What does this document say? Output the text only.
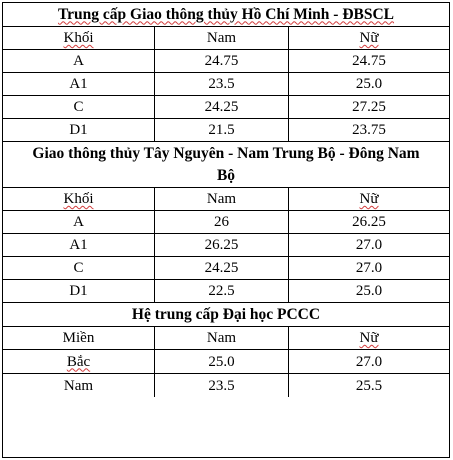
Trung cấp Giao thông thủy Hồ Chí Minh - ĐBSCL
Khối	Nam	Nữ
A	24.75	24.75
A1	23.5	25.0
C	24.25	27.25
D1	21.5	23.75
Giao thông thủy Tây Nguyên - Nam Trung Bộ - Đông Nam
Bộ
Khối	Nam	Nữ
A	26	26.25
A1	26.25	27.0
C	24.25	27.0
D1	22.5	25.0
Hệ trung cấp Đại học PCCC
Miền	Nam	Nữ
Bắc	25.0	27.0
Nam	23.5	25.5
